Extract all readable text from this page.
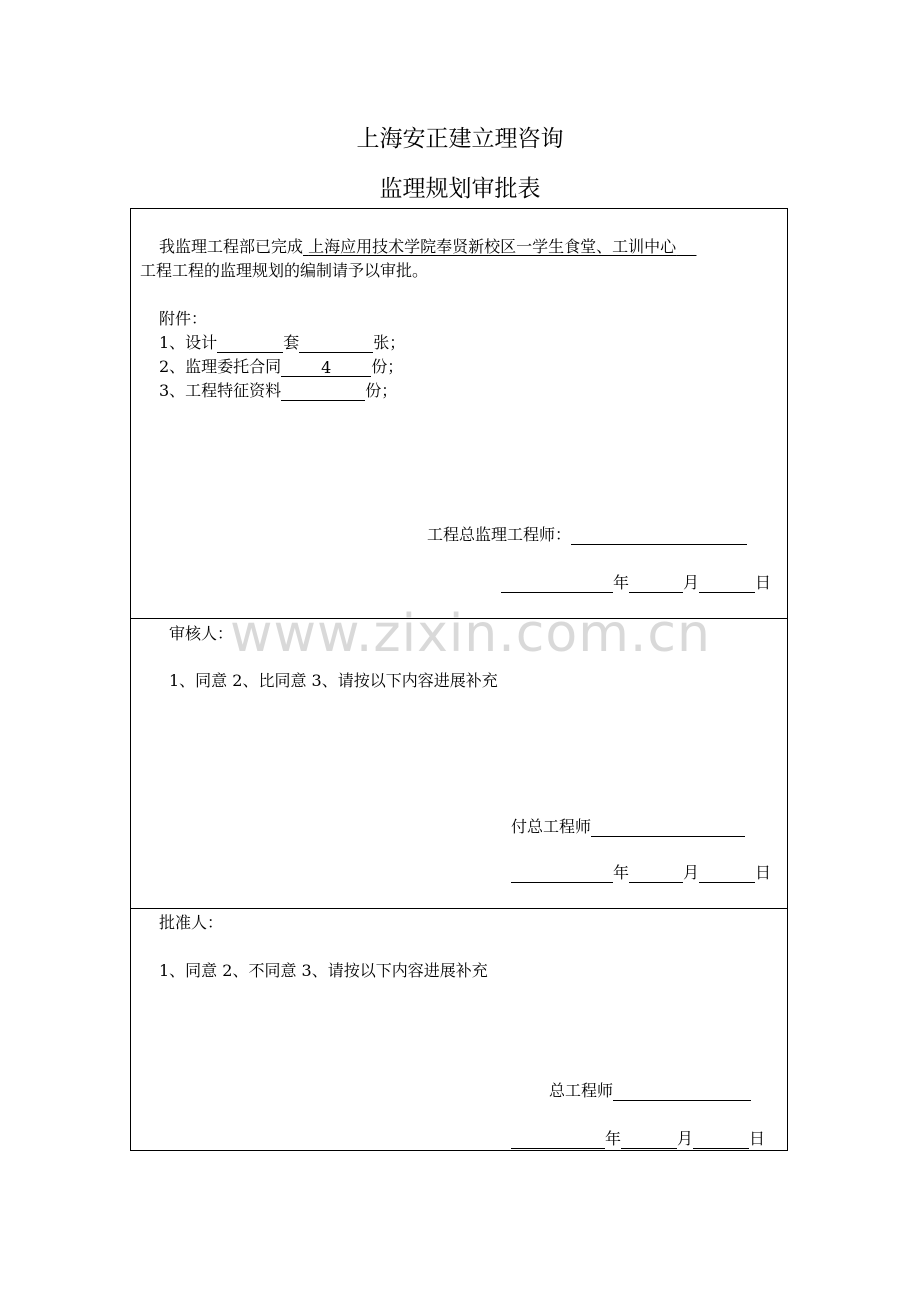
上海安正建立理咨询
监理规划审批表
我监理工程部已完成 上海应用技术学院奉贤新校区一学生食堂、工训中心
工程工程的监理规划的编制请予以审批。
附件：
1、设计	套	张；
2、监理委托合同 4 份；
3、工程特征资料	份；
工程总监理工程师：
年	月	日
审核人：
1、同意 2、比同意 3、请按以下内容进展补充
付总工程师
年	月	日
批准人：
1、同意 2、不同意 3、请按以下内容进展补充
总工程师
年	月	日
www.zixin.com.cn
